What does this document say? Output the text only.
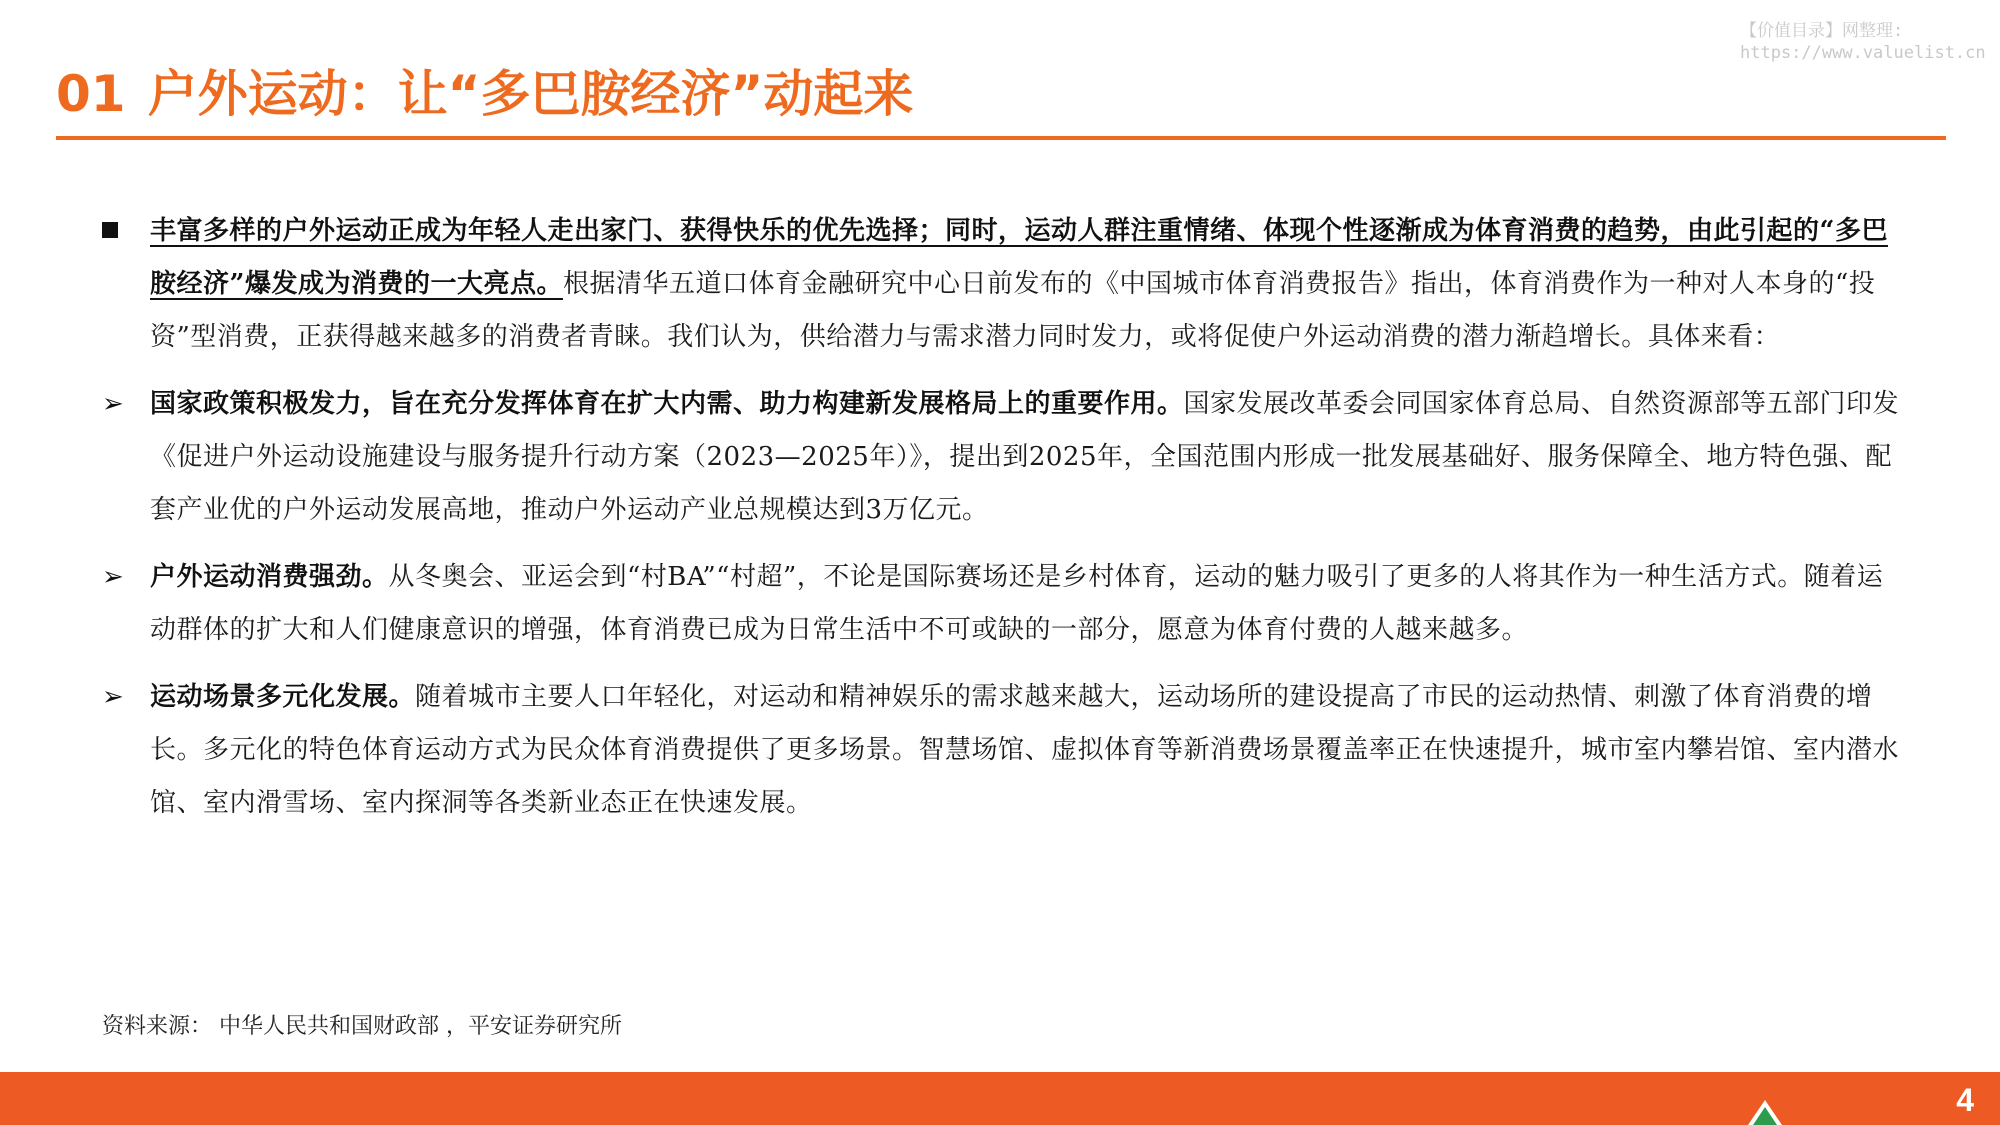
【价值目录】网整理:
https://www.valuelist.cn
01 户外运动：让“多巴胺经济”动起来
丰富多样的户外运动正成为年轻人走出家门、获得快乐的优先选择；同时，运动人群注重情绪、体现个性逐渐成为体育消费的趋势，由此引起的“多巴胺经济”爆发成为消费的一大亮点。根据清华五道口体育金融研究中心日前发布的《中国城市体育消费报告》指出，体育消费作为一种对人本身的“投资”型消费，正获得越来越多的消费者青睐。我们认为，供给潜力与需求潜力同时发力，或将促使户外运动消费的潜力渐趋增长。具体来看：
➢ 国家政策积极发力，旨在充分发挥体育在扩大内需、助力构建新发展格局上的重要作用。国家发展改革委会同国家体育总局、自然资源部等五部门印发《促进户外运动设施建设与服务提升行动方案（2023—2025年）》，提出到2025年，全国范围内形成一批发展基础好、服务保障全、地方特色强、配套产业优的户外运动发展高地，推动户外运动产业总规模达到3万亿元。
➢ 户外运动消费强劲。从冬奥会、亚运会到“村BA”“村超”，不论是国际赛场还是乡村体育，运动的魅力吸引了更多的人将其作为一种生活方式。随着运动群体的扩大和人们健康意识的增强，体育消费已成为日常生活中不可或缺的一部分，愿意为体育付费的人越来越多。
➢ 运动场景多元化发展。随着城市主要人口年轻化，对运动和精神娱乐的需求越来越大，运动场所的建设提高了市民的运动热情、刺激了体育消费的增长。多元化的特色体育运动方式为民众体育消费提供了更多场景。智慧场馆、虚拟体育等新消费场景覆盖率正在快速提升，城市室内攀岩馆、室内潜水馆、室内滑雪场、室内探洞等各类新业态正在快速发展。
资料来源： 中华人民共和国财政部 ，平安证券研究所
4
